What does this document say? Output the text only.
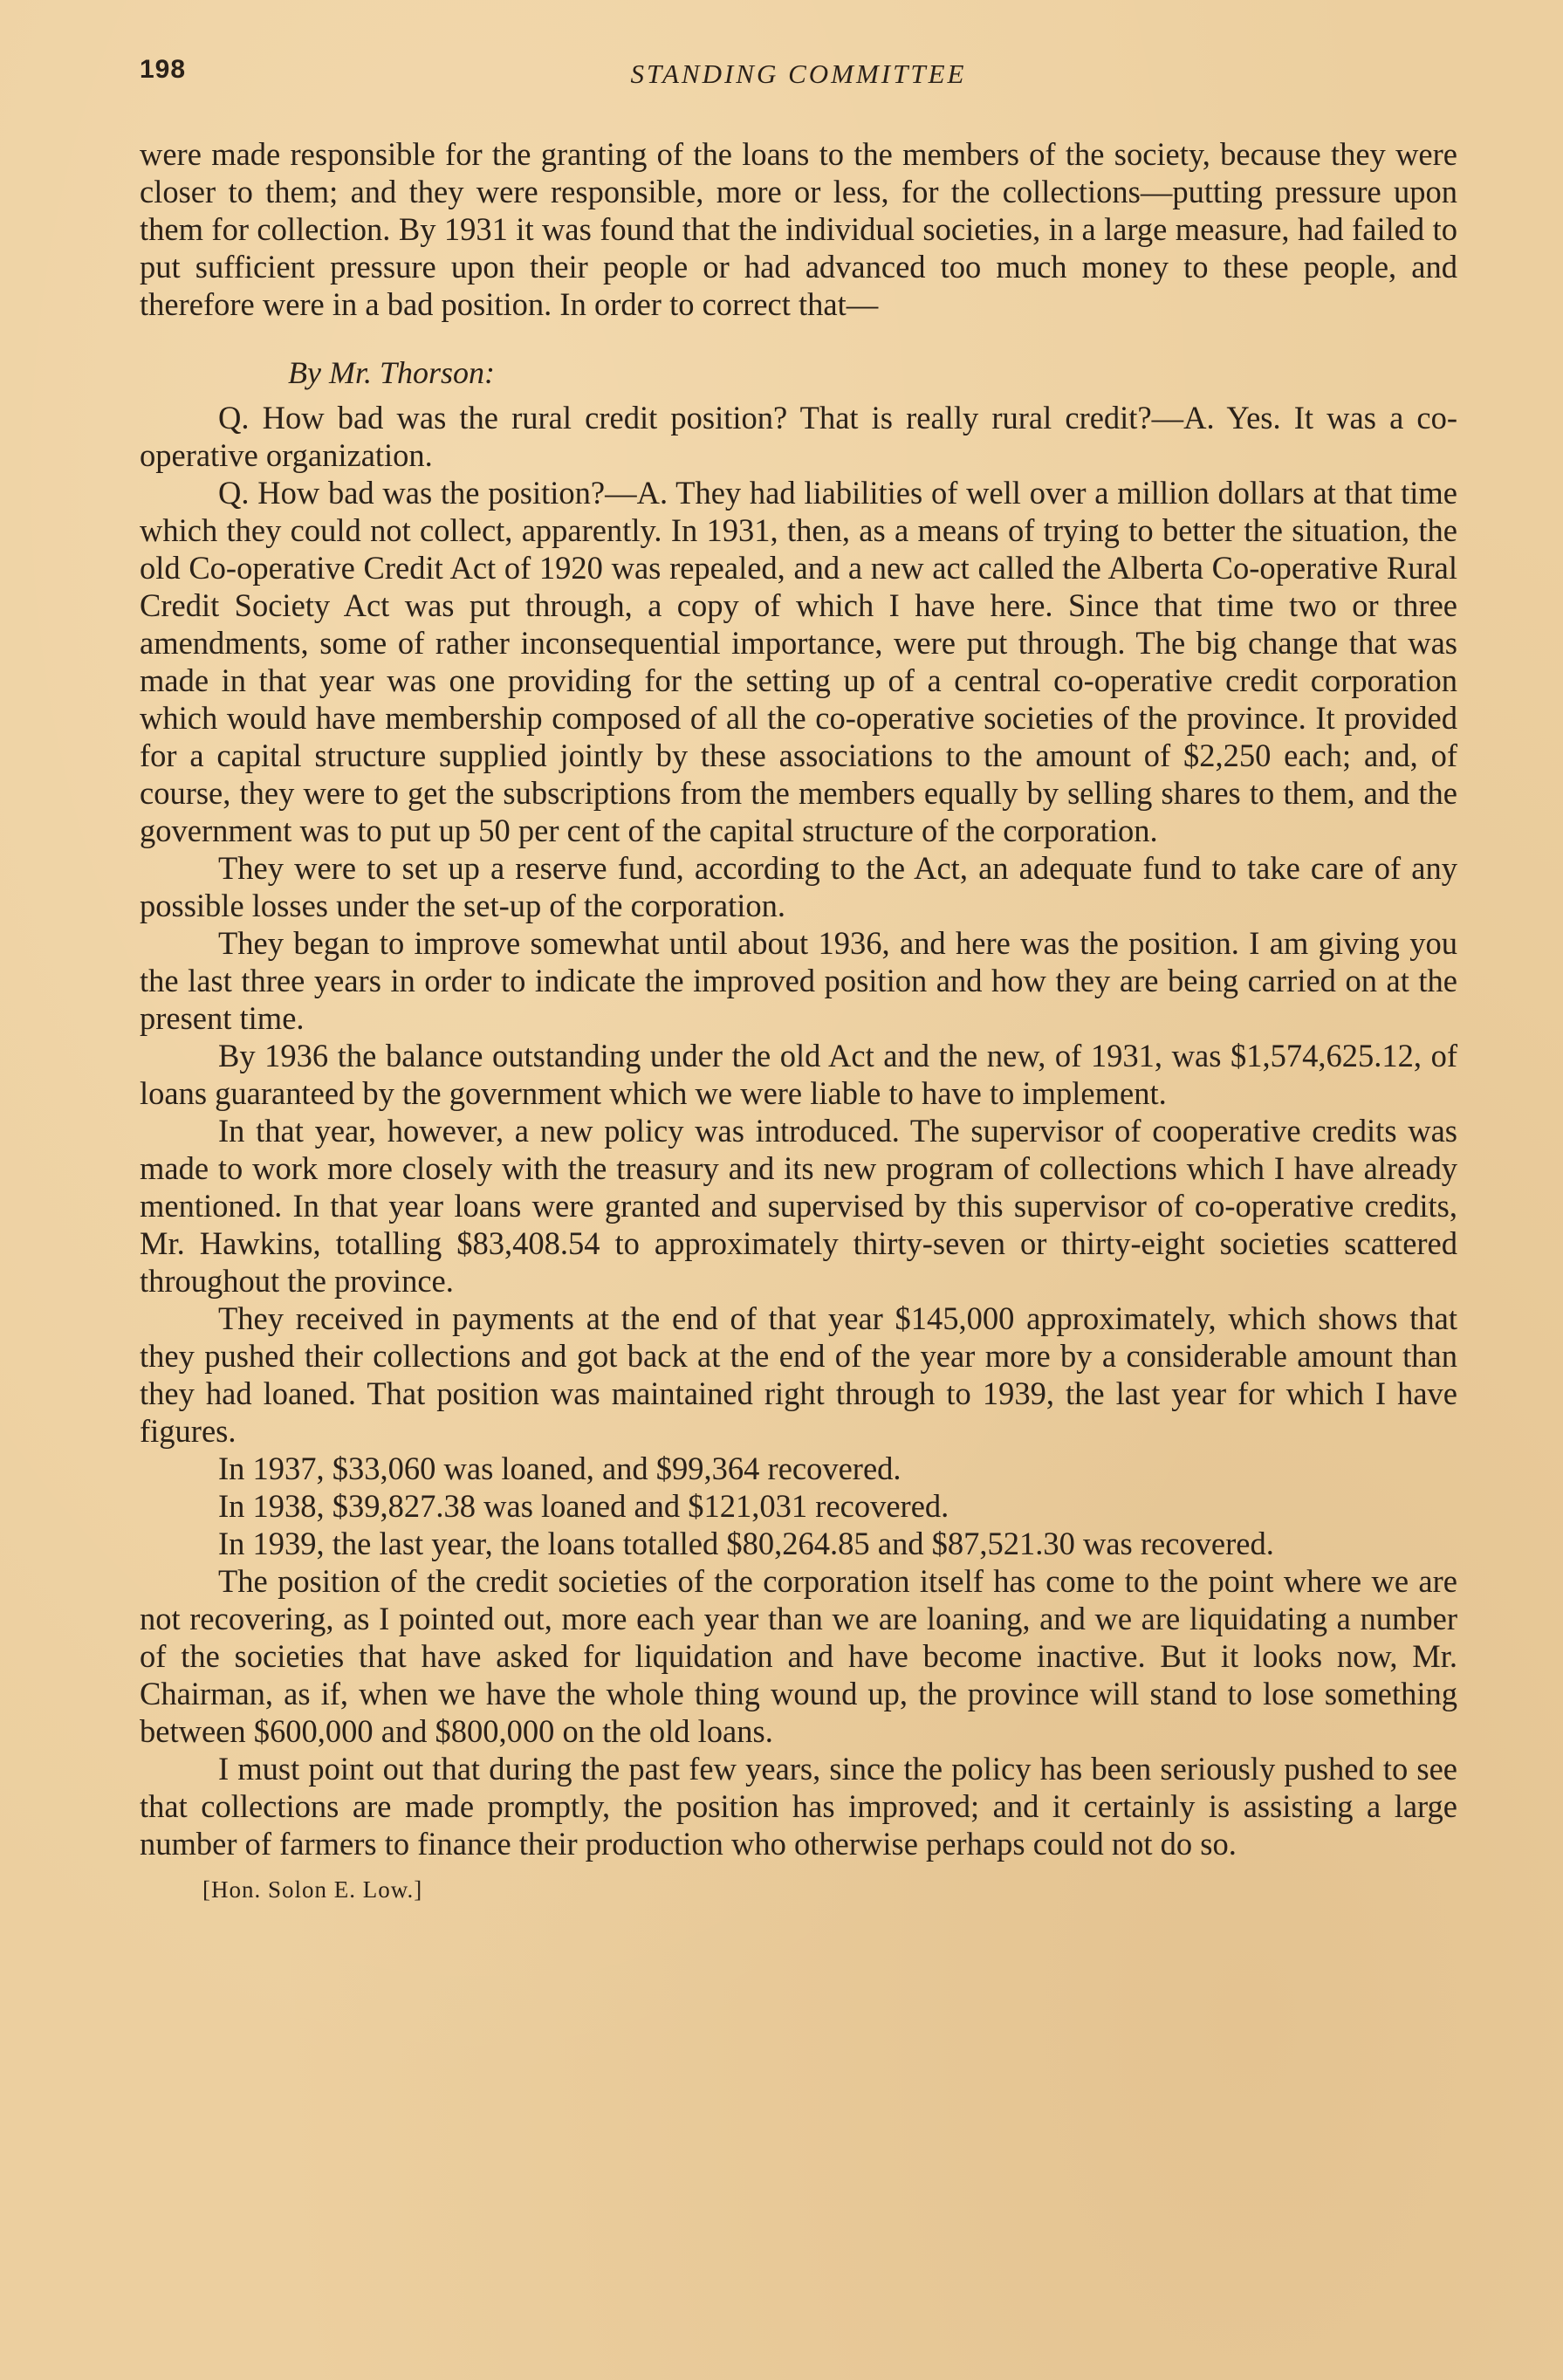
198	STANDING COMMITTEE

were made responsible for the granting of the loans to the members of the society, because they were closer to them; and they were responsible, more or less, for the collections—putting pressure upon them for collection. By 1931 it was found that the individual societies, in a large measure, had failed to put sufficient pressure upon their people or had advanced too much money to these people, and therefore were in a bad position. In order to correct that—

By Mr. Thorson:

Q. How bad was the rural credit position? That is really rural credit?—A. Yes. It was a co-operative organization.

Q. How bad was the position?—A. They had liabilities of well over a million dollars at that time which they could not collect, apparently. In 1931, then, as a means of trying to better the situation, the old Co-operative Credit Act of 1920 was repealed, and a new act called the Alberta Co-operative Rural Credit Society Act was put through, a copy of which I have here. Since that time two or three amendments, some of rather inconsequential importance, were put through. The big change that was made in that year was one providing for the setting up of a central co-operative credit corporation which would have membership composed of all the co-operative societies of the province. It provided for a capital structure supplied jointly by these associations to the amount of $2,250 each; and, of course, they were to get the subscriptions from the members equally by selling shares to them, and the government was to put up 50 per cent of the capital structure of the corporation.

They were to set up a reserve fund, according to the Act, an adequate fund to take care of any possible losses under the set-up of the corporation.

They began to improve somewhat until about 1936, and here was the position. I am giving you the last three years in order to indicate the improved position and how they are being carried on at the present time.

By 1936 the balance outstanding under the old Act and the new, of 1931, was $1,574,625.12, of loans guaranteed by the government which we were liable to have to implement.

In that year, however, a new policy was introduced. The supervisor of cooperative credits was made to work more closely with the treasury and its new program of collections which I have already mentioned. In that year loans were granted and supervised by this supervisor of co-operative credits, Mr. Hawkins, totalling $83,408.54 to approximately thirty-seven or thirty-eight societies scattered throughout the province.

They received in payments at the end of that year $145,000 approximately, which shows that they pushed their collections and got back at the end of the year more by a considerable amount than they had loaned. That position was maintained right through to 1939, the last year for which I have figures.

In 1937, $33,060 was loaned, and $99,364 recovered.

In 1938, $39,827.38 was loaned and $121,031 recovered.

In 1939, the last year, the loans totalled $80,264.85 and $87,521.30 was recovered.

The position of the credit societies of the corporation itself has come to the point where we are not recovering, as I pointed out, more each year than we are loaning, and we are liquidating a number of the societies that have asked for liquidation and have become inactive. But it looks now, Mr. Chairman, as if, when we have the whole thing wound up, the province will stand to lose something between $600,000 and $800,000 on the old loans.

I must point out that during the past few years, since the policy has been seriously pushed to see that collections are made promptly, the position has improved; and it certainly is assisting a large number of farmers to finance their production who otherwise perhaps could not do so.

[Hon. Solon E. Low.]
